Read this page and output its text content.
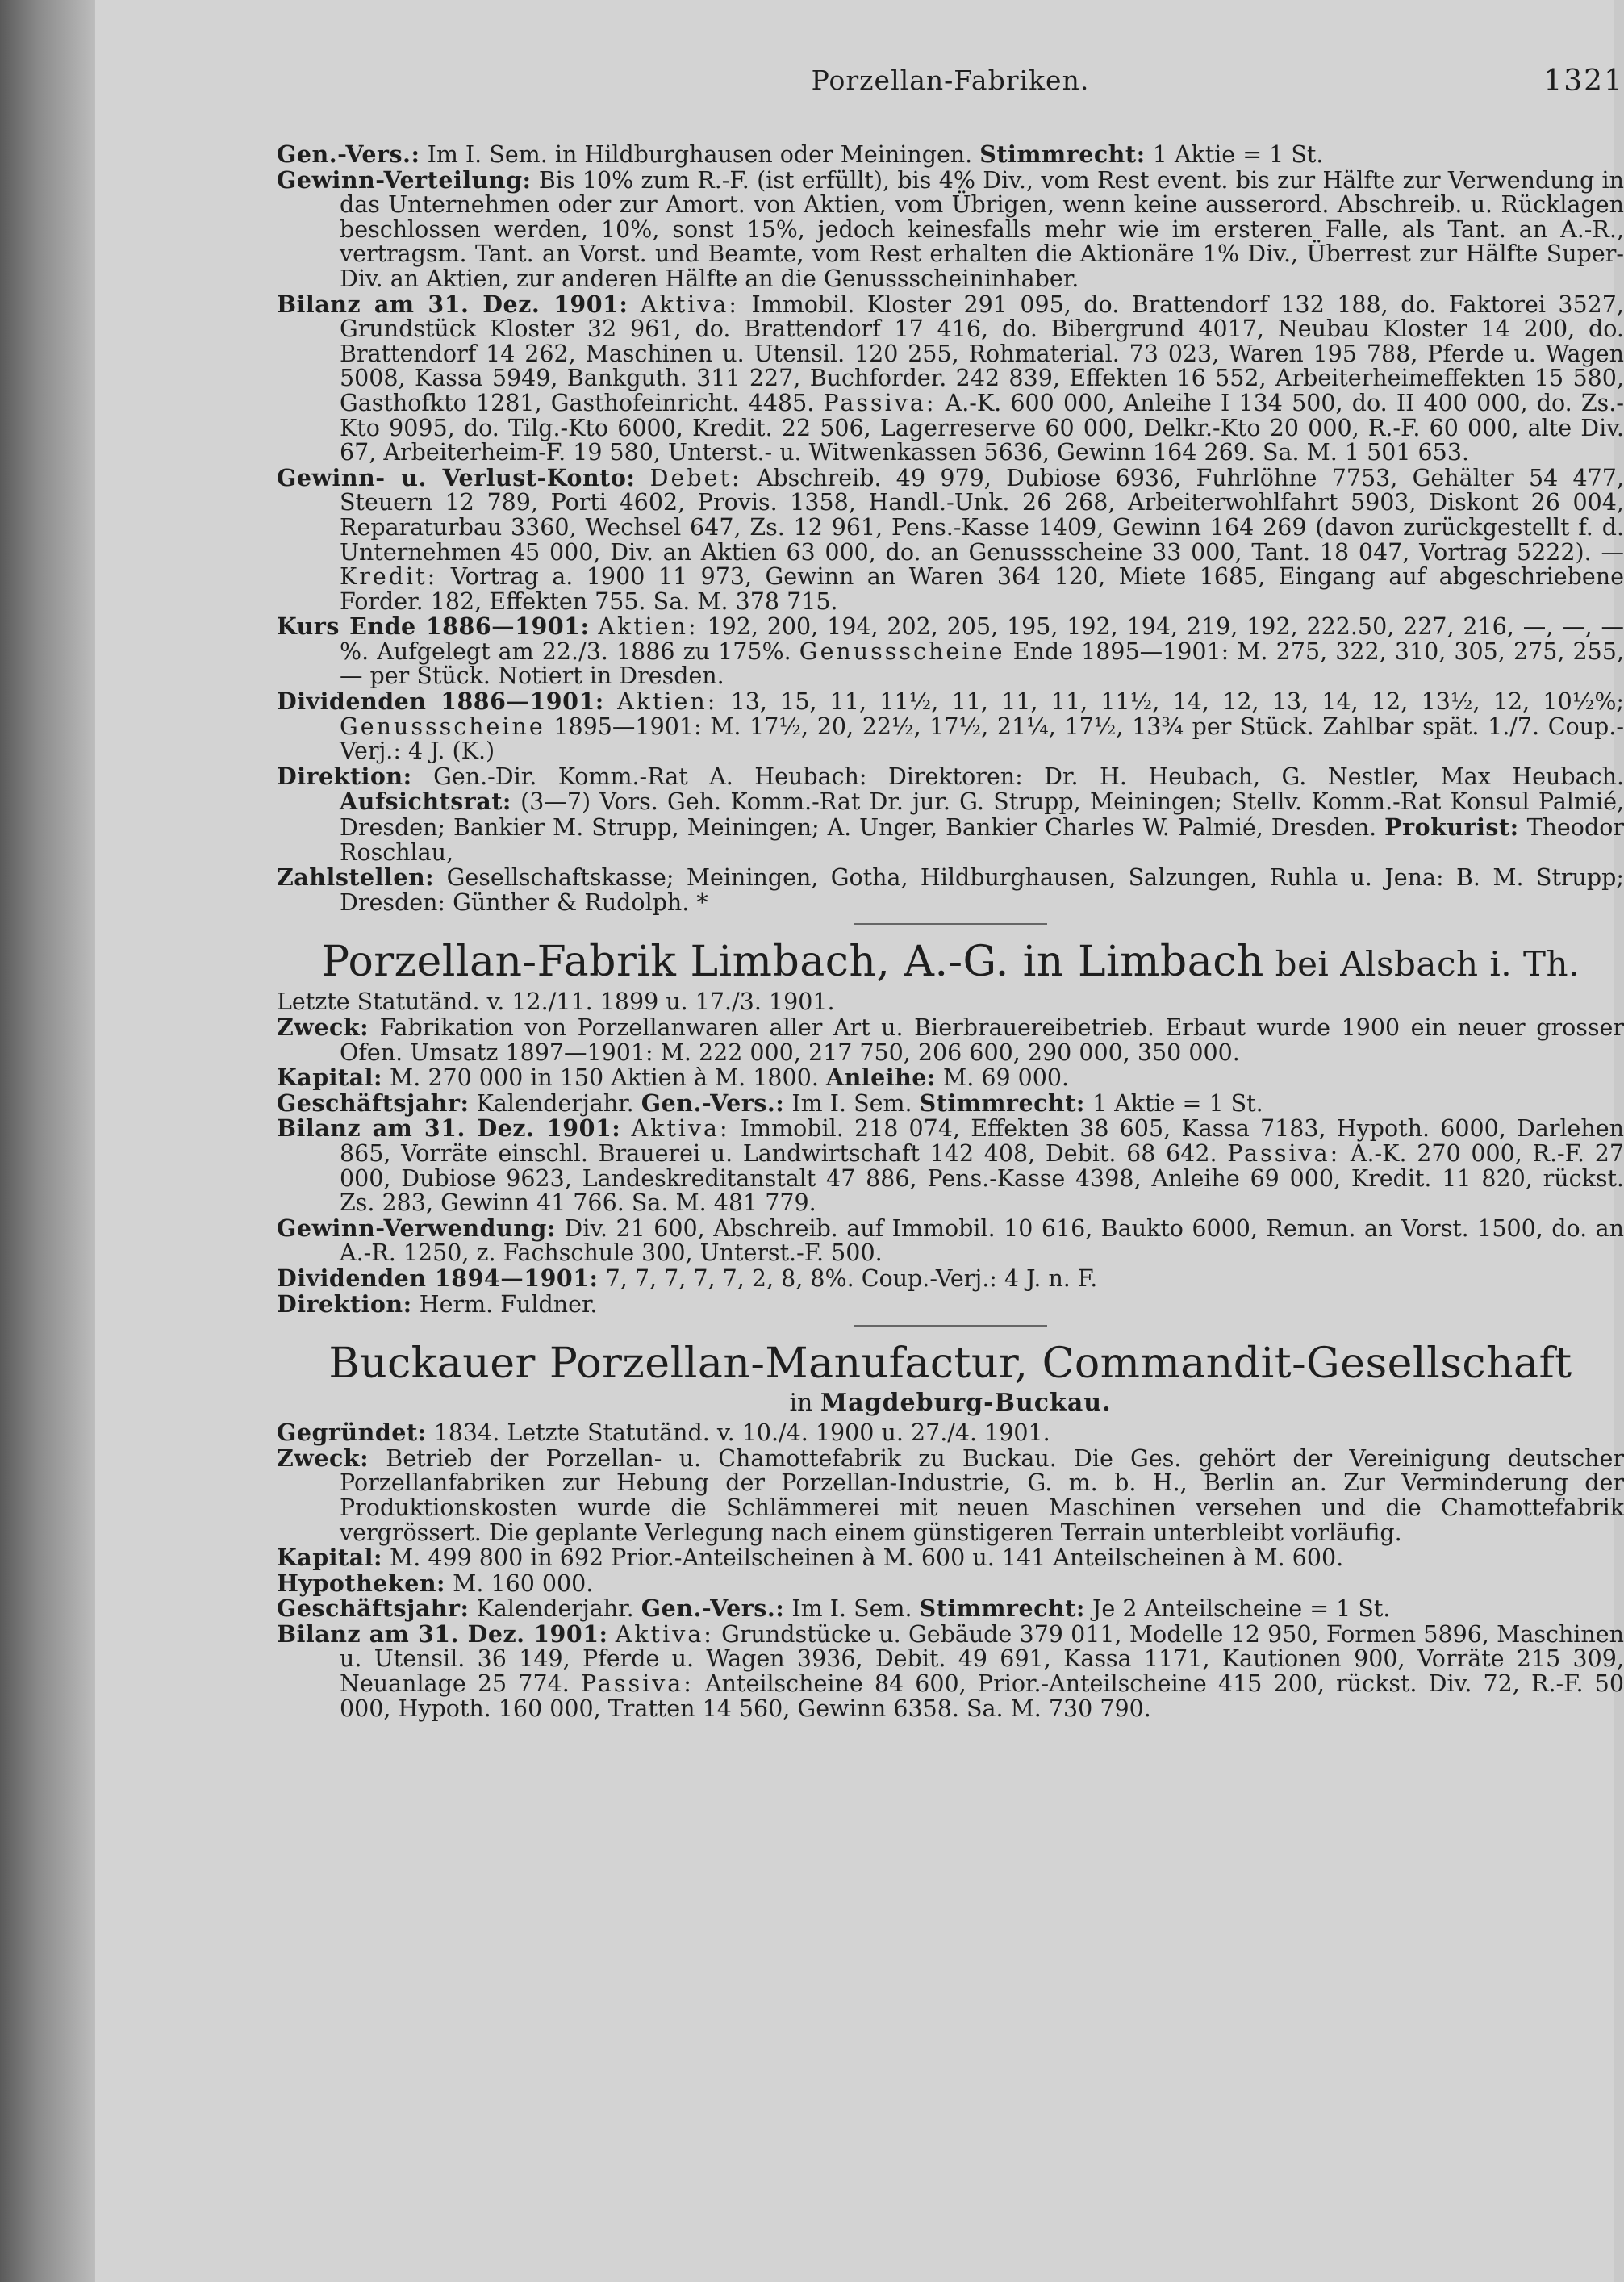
Porzellan-Fabriken.	1321

Gen.-Vers.: Im I. Sem. in Hildburghausen oder Meiningen. Stimmrecht: 1 Aktie = 1 St.

Gewinn-Verteilung: Bis 10% zum R.-F. (ist erfüllt), bis 4% Div., vom Rest event. bis zur Hälfte zur Verwendung in das Unternehmen oder zur Amort. von Aktien, vom Übrigen, wenn keine ausserord. Abschreib. u. Rücklagen beschlossen werden, 10%, sonst 15%, jedoch keinesfalls mehr wie im ersteren Falle, als Tant. an A.-R., vertragsm. Tant. an Vorst. und Beamte, vom Rest erhalten die Aktionäre 1% Div., Überrest zur Hälfte Super-Div. an Aktien, zur anderen Hälfte an die Genussscheininhaber.

Bilanz am 31. Dez. 1901: Aktiva: Immobil. Kloster 291 095, do. Brattendorf 132 188, do. Faktorei 3527, Grundstück Kloster 32 961, do. Brattendorf 17 416, do. Bibergrund 4017, Neubau Kloster 14 200, do. Brattendorf 14 262, Maschinen u. Utensil. 120 255, Rohmaterial. 73 023, Waren 195 788, Pferde u. Wagen 5008, Kassa 5949, Bankguth. 311 227, Buchforder. 242 839, Effekten 16 552, Arbeiterheimeffekten 15 580, Gasthofkto 1281, Gasthofeinricht. 4485. Passiva: A.-K. 600 000, Anleihe I 134 500, do. II 400 000, do. Zs.-Kto 9095, do. Tilg.-Kto 6000, Kredit. 22 506, Lagerreserve 60 000, Delkr.-Kto 20 000, R.-F. 60 000, alte Div. 67, Arbeiterheim-F. 19 580, Unterst.- u. Witwenkassen 5636, Gewinn 164 269. Sa. M. 1 501 653.

Gewinn- u. Verlust-Konto: Debet: Abschreib. 49 979, Dubiose 6936, Fuhrlöhne 7753, Gehälter 54 477, Steuern 12 789, Porti 4602, Provis. 1358, Handl.-Unk. 26 268, Arbeiterwohlfahrt 5903, Diskont 26 004, Reparaturbau 3360, Wechsel 647, Zs. 12 961, Pens.-Kasse 1409, Gewinn 164 269 (davon zurückgestellt f. d. Unternehmen 45 000, Div. an Aktien 63 000, do. an Genussscheine 33 000, Tant. 18 047, Vortrag 5222). — Kredit: Vortrag a. 1900 11 973, Gewinn an Waren 364 120, Miete 1685, Eingang auf abgeschriebene Forder. 182, Effekten 755. Sa. M. 378 715.

Kurs Ende 1886—1901: Aktien: 192, 200, 194, 202, 205, 195, 192, 194, 219, 192, 222.50, 227, 216, —, —, —%. Aufgelegt am 22./3. 1886 zu 175%. Genussscheine Ende 1895—1901: M. 275, 322, 310, 305, 275, 255, — per Stück. Notiert in Dresden.

Dividenden 1886—1901: Aktien: 13, 15, 11, 11½, 11, 11, 11, 11½, 14, 12, 13, 14, 12, 13½, 12, 10½%; Genussscheine 1895—1901: M. 17½, 20, 22½, 17½, 21¼, 17½, 13¾ per Stück. Zahlbar spät. 1./7. Coup.-Verj.: 4 J. (K.)

Direktion: Gen.-Dir. Komm.-Rat A. Heubach: Direktoren: Dr. H. Heubach, G. Nestler, Max Heubach. Aufsichtsrat: (3—7) Vors. Geh. Komm.-Rat Dr. jur. G. Strupp, Meiningen; Stellv. Komm.-Rat Konsul Palmié, Dresden; Bankier M. Strupp, Meiningen; A. Unger, Bankier Charles W. Palmié, Dresden. Prokurist: Theodor Roschlau,

Zahlstellen: Gesellschaftskasse; Meiningen, Gotha, Hildburghausen, Salzungen, Ruhla u. Jena: B. M. Strupp; Dresden: Günther & Rudolph. *

Porzellan-Fabrik Limbach, A.-G. in Limbach bei Alsbach i. Th.

Letzte Statutänd. v. 12./11. 1899 u. 17./3. 1901.

Zweck: Fabrikation von Porzellanwaren aller Art u. Bierbrauereibetrieb. Erbaut wurde 1900 ein neuer grosser Ofen. Umsatz 1897—1901: M. 222 000, 217 750, 206 600, 290 000, 350 000.

Kapital: M. 270 000 in 150 Aktien à M. 1800. Anleihe: M. 69 000.

Geschäftsjahr: Kalenderjahr. Gen.-Vers.: Im I. Sem. Stimmrecht: 1 Aktie = 1 St.

Bilanz am 31. Dez. 1901: Aktiva: Immobil. 218 074, Effekten 38 605, Kassa 7183, Hypoth. 6000, Darlehen 865, Vorräte einschl. Brauerei u. Landwirtschaft 142 408, Debit. 68 642. Passiva: A.-K. 270 000, R.-F. 27 000, Dubiose 9623, Landeskreditanstalt 47 886, Pens.-Kasse 4398, Anleihe 69 000, Kredit. 11 820, rückst. Zs. 283, Gewinn 41 766. Sa. M. 481 779.

Gewinn-Verwendung: Div. 21 600, Abschreib. auf Immobil. 10 616, Baukto 6000, Remun. an Vorst. 1500, do. an A.-R. 1250, z. Fachschule 300, Unterst.-F. 500.

Dividenden 1894—1901: 7, 7, 7, 7, 7, 2, 8, 8%. Coup.-Verj.: 4 J. n. F.

Direktion: Herm. Fuldner.

Buckauer Porzellan-Manufactur, Commandit-Gesellschaft
in Magdeburg-Buckau.

Gegründet: 1834. Letzte Statutänd. v. 10./4. 1900 u. 27./4. 1901.

Zweck: Betrieb der Porzellan- u. Chamottefabrik zu Buckau. Die Ges. gehört der Vereinigung deutscher Porzellanfabriken zur Hebung der Porzellan-Industrie, G. m. b. H., Berlin an. Zur Verminderung der Produktionskosten wurde die Schlämmerei mit neuen Maschinen versehen und die Chamottefabrik vergrössert. Die geplante Verlegung nach einem günstigeren Terrain unterbleibt vorläufig.

Kapital: M. 499 800 in 692 Prior.-Anteilscheinen à M. 600 u. 141 Anteilscheinen à M. 600.

Hypotheken: M. 160 000.

Geschäftsjahr: Kalenderjahr. Gen.-Vers.: Im I. Sem. Stimmrecht: Je 2 Anteilscheine = 1 St.

Bilanz am 31. Dez. 1901: Aktiva: Grundstücke u. Gebäude 379 011, Modelle 12 950, Formen 5896, Maschinen u. Utensil. 36 149, Pferde u. Wagen 3936, Debit. 49 691, Kassa 1171, Kautionen 900, Vorräte 215 309, Neuanlage 25 774. Passiva: Anteilscheine 84 600, Prior.-Anteilscheine 415 200, rückst. Div. 72, R.-F. 50 000, Hypoth. 160 000, Tratten 14 560, Gewinn 6358. Sa. M. 730 790.
